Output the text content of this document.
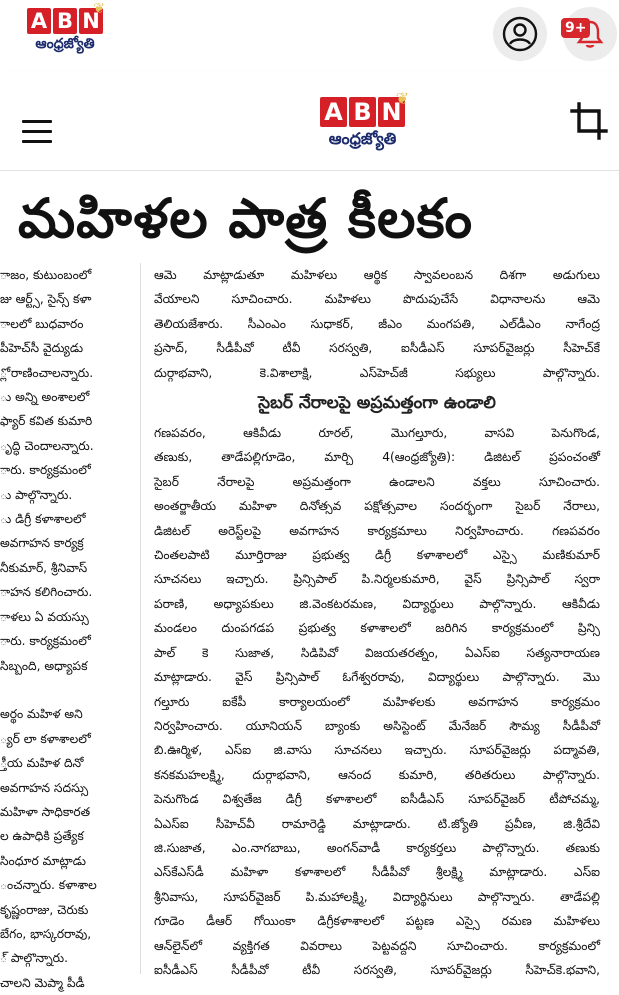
A B N
ఆంధ్రజ్యోతి
❦
9+
A B N
ఆంధ్రజ్యోతి
❦
మహిళల పాత్ర కీలకం

ాజం, కుటుంబంలో

జు ఆర్ట్స్, సైన్స్ కళా

ాలలో బుధవారం

పీహెచ్‌సీ వైద్యుడు

్లో రాణించాలన్నారు.

ు అన్ని అంశాలలో

ఫ్యార్ కవిత కుమారి

ృద్ధి చెందాలన్నారు.

ారు. కార్యక్రమంలో

ు పాల్గొన్నారు.

ు డిగ్రీ కళాశాలలో

అవగాహన కార్యక్ర

నీకుమార్, శ్రీనివాస్

ాహన కలిగించారు.

ాళలు ఏ వయస్సు

ారు. కార్యక్రమంలో

సిబ్బంది, అధ్యాపక

అర్థం మహిళ అని

్యర్ లా కళాశాలలో

్తీయ మహిళ దినో

అవగాహన సదస్సు

మహిళా సాధికారత

ల ఉపాధికి ప్రత్యేక

సింధూర మాట్లాడు

ంచన్నారు. కళాశాల

కృష్ణంరాజు, చెరుకు

బేగం, భాస్కరరావు,

్ పాల్గొన్నారు.

చాలని మెప్మా పీడీ

ఆమె మాట్లాడుతూ మహిళలు ఆర్థిక స్వావలంబన దిశగా అడుగులు

వేయాలని సూచించారు. మహిళలు పొదుపుచేసే విధానాలను ఆమె

తెలియజేశారు. సీఎంఎం సుధాకర్, జీఎం మంగపతి, ఎల్‌డీఎం నాగేంద్ర

ప్రసాద్, సీడీపీవో టీవీ సరస్వతి, ఐసీడీఎస్ సూపర్‌వైజర్లు సీహెచ్‌కే

దుర్గాభవాని, కె.విశాలాక్షి, ఎస్‌హెచ్‌జీ సభ్యులు పాల్గొన్నారు.

సైబర్ నేరాలపై అప్రమత్తంగా ఉండాలి

గణపవరం, ఆకివీడు రూరల్, మొగల్తూరు, వాసవి పెనుగొండ,

తణుకు, తాడేపల్లిగూడెం, మార్చి 4(ఆంధ్రజ్యోతి): డిజిటల్ ప్రపంచంతో

సైబర్ నేరాలపై అప్రమత్తంగా ఉండాలని వక్తలు సూచించారు.

అంతర్జాతీయ మహిళా దినోత్సవ పక్షోత్సవాల సందర్భంగా సైబర్ నేరాలు,

డిజిటల్ అరెస్ట్‌లపై అవగాహన కార్యక్రమాలు నిర్వహించారు. గణపవరం

చింతలపాటి మూర్తిరాజు ప్రభుత్వ డిగ్రీ కళాశాలలో ఎస్సై మణికుమార్

సూచనలు ఇచ్చారు. ప్రిన్సిపాల్ పి.నిర్మలకుమారి, వైస్ ప్రిన్సిపాల్ స్వరా

పరాణి, అధ్యాపకులు జి.వెంకటరమణ, విద్యార్థులు పాల్గొన్నారు. ఆకివీడు

మండలం దుంపగడప ప్రభుత్వ కళాశాలలో జరిగిన కార్యక్రమంలో ప్రిన్సి

పాల్ కె సుజాత, సిడిపివో విజయతరత్నం, ఏఎస్ఐ సత్యనారాయణ

మాట్లాడారు. వైస్ ప్రిన్సిపాల్ ఓగేశ్వరరావు, విద్యార్థులు పాల్గొన్నారు. మొ

గల్తూరు ఐకేపీ కార్యాలయంలో మహిళలకు అవగాహన కార్యక్రమం

నిర్వహించారు. యూనియన్ బ్యాంకు అసిస్టెంట్ మేనేజర్ సౌమ్య సీడీపీవో

బి.ఊర్మిళ, ఎస్ఐ జి.వాసు సూచనలు ఇచ్చారు. సూపర్‌వైజర్లు పద్మావతి,

కనకమహలక్ష్మి, దుర్గాభవాని, ఆనంద కుమారి, తరితరులు పాల్గొన్నారు.

పెనుగొండ విశ్వతేజ డిగ్రీ కళాశాలలో ఐసీడీఎస్ సూపర్‌వైజర్ టీపోచమ్మ,

ఏఎస్ఐ సీహెచ్‌వీ రామారెడ్డి మాట్లాడారు. టి.జ్యోతి ప్రవీణ, జి.శ్రీదేవి

జి.సుజాత, ఎం.నాగబాబు, అంగన్‌వాడీ కార్యకర్తలు పాల్గొన్నారు. తణుకు

ఎస్‌కేఎస్‌డీ మహిళా కళాశాలలో సీడీపీవో శ్రీలక్ష్మి మాట్లాడారు. ఎస్ఐ

శ్రీనివాసు, సూపర్‌వైజర్ పి.మహాలక్ష్మి, విద్యార్థినులు పాల్గొన్నారు. తాడేపల్లి

గూడెం డీఆర్ గోయింకా డిగ్రీకళాశాలలో పట్టణ ఎస్సై రమణ మహిళలు

ఆన్‌లైన్‌లో వ్యక్తిగత వివరాలు పెట్టవద్దని సూచించారు. కార్యక్రమంలో

ఐసీడీఎస్ సీడీపీవో టీవీ సరస్వతి, సూపర్‌వైజర్లు సీహెచ్‌కె.భవాని,
